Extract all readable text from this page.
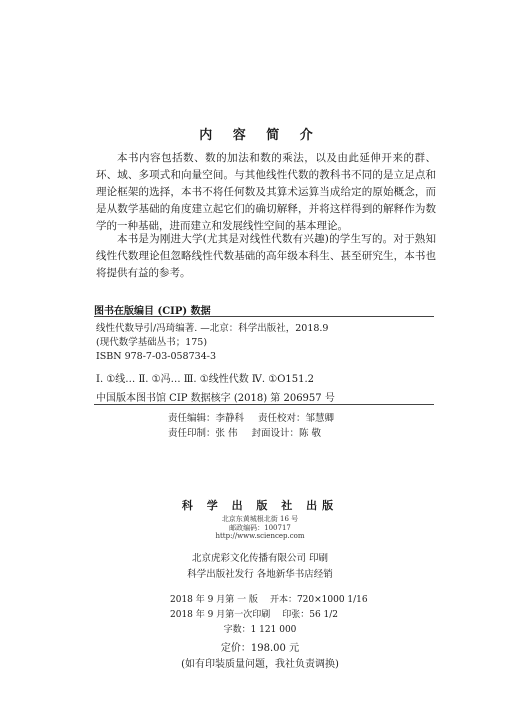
内 容 简 介

本书内容包括数、数的加法和数的乘法，以及由此延伸开来的群、环、域、多项式和向量空间。与其他线性代数的教科书不同的是立足点和理论框架的选择，本书不将任何数及其算术运算当成给定的原始概念，而是从数学基础的角度建立起它们的确切解释，并将这样得到的解释作为数学的一种基础，进而建立和发展线性空间的基本理论。

本书是为刚进大学(尤其是对线性代数有兴趣)的学生写的。对于熟知线性代数理论但忽略线性代数基础的高年级本科生、甚至研究生，本书也将提供有益的参考。

图书在版编目 (CIP) 数据
线性代数导引/冯琦编著. —北京：科学出版社，2018.9
(现代数学基础丛书；175)
ISBN 978-7-03-058734-3
Ⅰ. ①线… Ⅱ. ①冯… Ⅲ. ①线性代数 Ⅳ. ①O151.2
中国版本图书馆 CIP 数据核字 (2018) 第 206957 号
责任编辑：李静科 责任校对：邹慧卿
责任印制：张 伟 封面设计：陈 敬
科 学 出 版 社 出版
北京东黄城根北街 16 号
邮政编码：100717
http://www.sciencep.com
北京虎彩文化传播有限公司 印刷
科学出版社发行 各地新华书店经销
2018 年 9 月第 一 版 开本：720×1000 1/16
2018 年 9 月第一次印刷 印张：56 1/2
字数：1 121 000
定价：198.00 元
(如有印装质量问题，我社负责调换)
